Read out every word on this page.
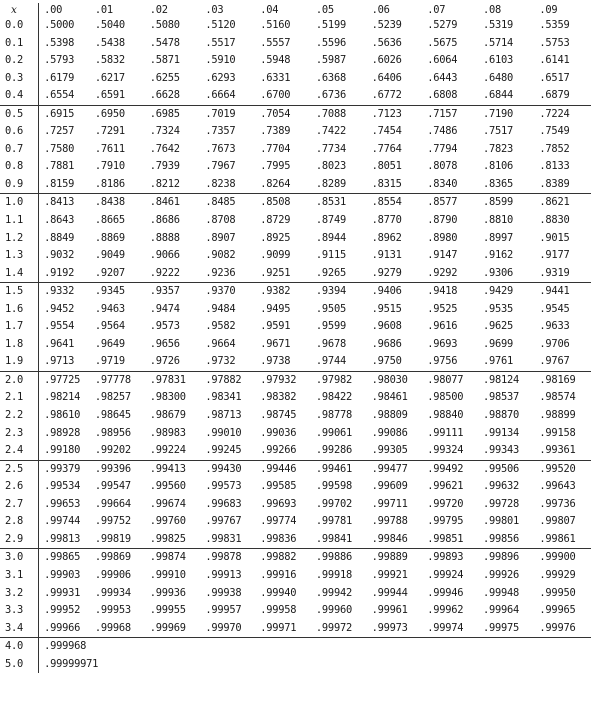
x	.00	.01	.02	.03	.04	.05	.06	.07	.08	.09
0.0	.5000	.5040	.5080	.5120	.5160	.5199	.5239	.5279	.5319	.5359
0.1	.5398	.5438	.5478	.5517	.5557	.5596	.5636	.5675	.5714	.5753
0.2	.5793	.5832	.5871	.5910	.5948	.5987	.6026	.6064	.6103	.6141
0.3	.6179	.6217	.6255	.6293	.6331	.6368	.6406	.6443	.6480	.6517
0.4	.6554	.6591	.6628	.6664	.6700	.6736	.6772	.6808	.6844	.6879
0.5	.6915	.6950	.6985	.7019	.7054	.7088	.7123	.7157	.7190	.7224
0.6	.7257	.7291	.7324	.7357	.7389	.7422	.7454	.7486	.7517	.7549
0.7	.7580	.7611	.7642	.7673	.7704	.7734	.7764	.7794	.7823	.7852
0.8	.7881	.7910	.7939	.7967	.7995	.8023	.8051	.8078	.8106	.8133
0.9	.8159	.8186	.8212	.8238	.8264	.8289	.8315	.8340	.8365	.8389
1.0	.8413	.8438	.8461	.8485	.8508	.8531	.8554	.8577	.8599	.8621
1.1	.8643	.8665	.8686	.8708	.8729	.8749	.8770	.8790	.8810	.8830
1.2	.8849	.8869	.8888	.8907	.8925	.8944	.8962	.8980	.8997	.9015
1.3	.9032	.9049	.9066	.9082	.9099	.9115	.9131	.9147	.9162	.9177
1.4	.9192	.9207	.9222	.9236	.9251	.9265	.9279	.9292	.9306	.9319
1.5	.9332	.9345	.9357	.9370	.9382	.9394	.9406	.9418	.9429	.9441
1.6	.9452	.9463	.9474	.9484	.9495	.9505	.9515	.9525	.9535	.9545
1.7	.9554	.9564	.9573	.9582	.9591	.9599	.9608	.9616	.9625	.9633
1.8	.9641	.9649	.9656	.9664	.9671	.9678	.9686	.9693	.9699	.9706
1.9	.9713	.9719	.9726	.9732	.9738	.9744	.9750	.9756	.9761	.9767
2.0	.97725	.97778	.97831	.97882	.97932	.97982	.98030	.98077	.98124	.98169
2.1	.98214	.98257	.98300	.98341	.98382	.98422	.98461	.98500	.98537	.98574
2.2	.98610	.98645	.98679	.98713	.98745	.98778	.98809	.98840	.98870	.98899
2.3	.98928	.98956	.98983	.99010	.99036	.99061	.99086	.99111	.99134	.99158
2.4	.99180	.99202	.99224	.99245	.99266	.99286	.99305	.99324	.99343	.99361
2.5	.99379	.99396	.99413	.99430	.99446	.99461	.99477	.99492	.99506	.99520
2.6	.99534	.99547	.99560	.99573	.99585	.99598	.99609	.99621	.99632	.99643
2.7	.99653	.99664	.99674	.99683	.99693	.99702	.99711	.99720	.99728	.99736
2.8	.99744	.99752	.99760	.99767	.99774	.99781	.99788	.99795	.99801	.99807
2.9	.99813	.99819	.99825	.99831	.99836	.99841	.99846	.99851	.99856	.99861
3.0	.99865	.99869	.99874	.99878	.99882	.99886	.99889	.99893	.99896	.99900
3.1	.99903	.99906	.99910	.99913	.99916	.99918	.99921	.99924	.99926	.99929
3.2	.99931	.99934	.99936	.99938	.99940	.99942	.99944	.99946	.99948	.99950
3.3	.99952	.99953	.99955	.99957	.99958	.99960	.99961	.99962	.99964	.99965
3.4	.99966	.99968	.99969	.99970	.99971	.99972	.99973	.99974	.99975	.99976
4.0	.999968									
5.0	.99999971									
